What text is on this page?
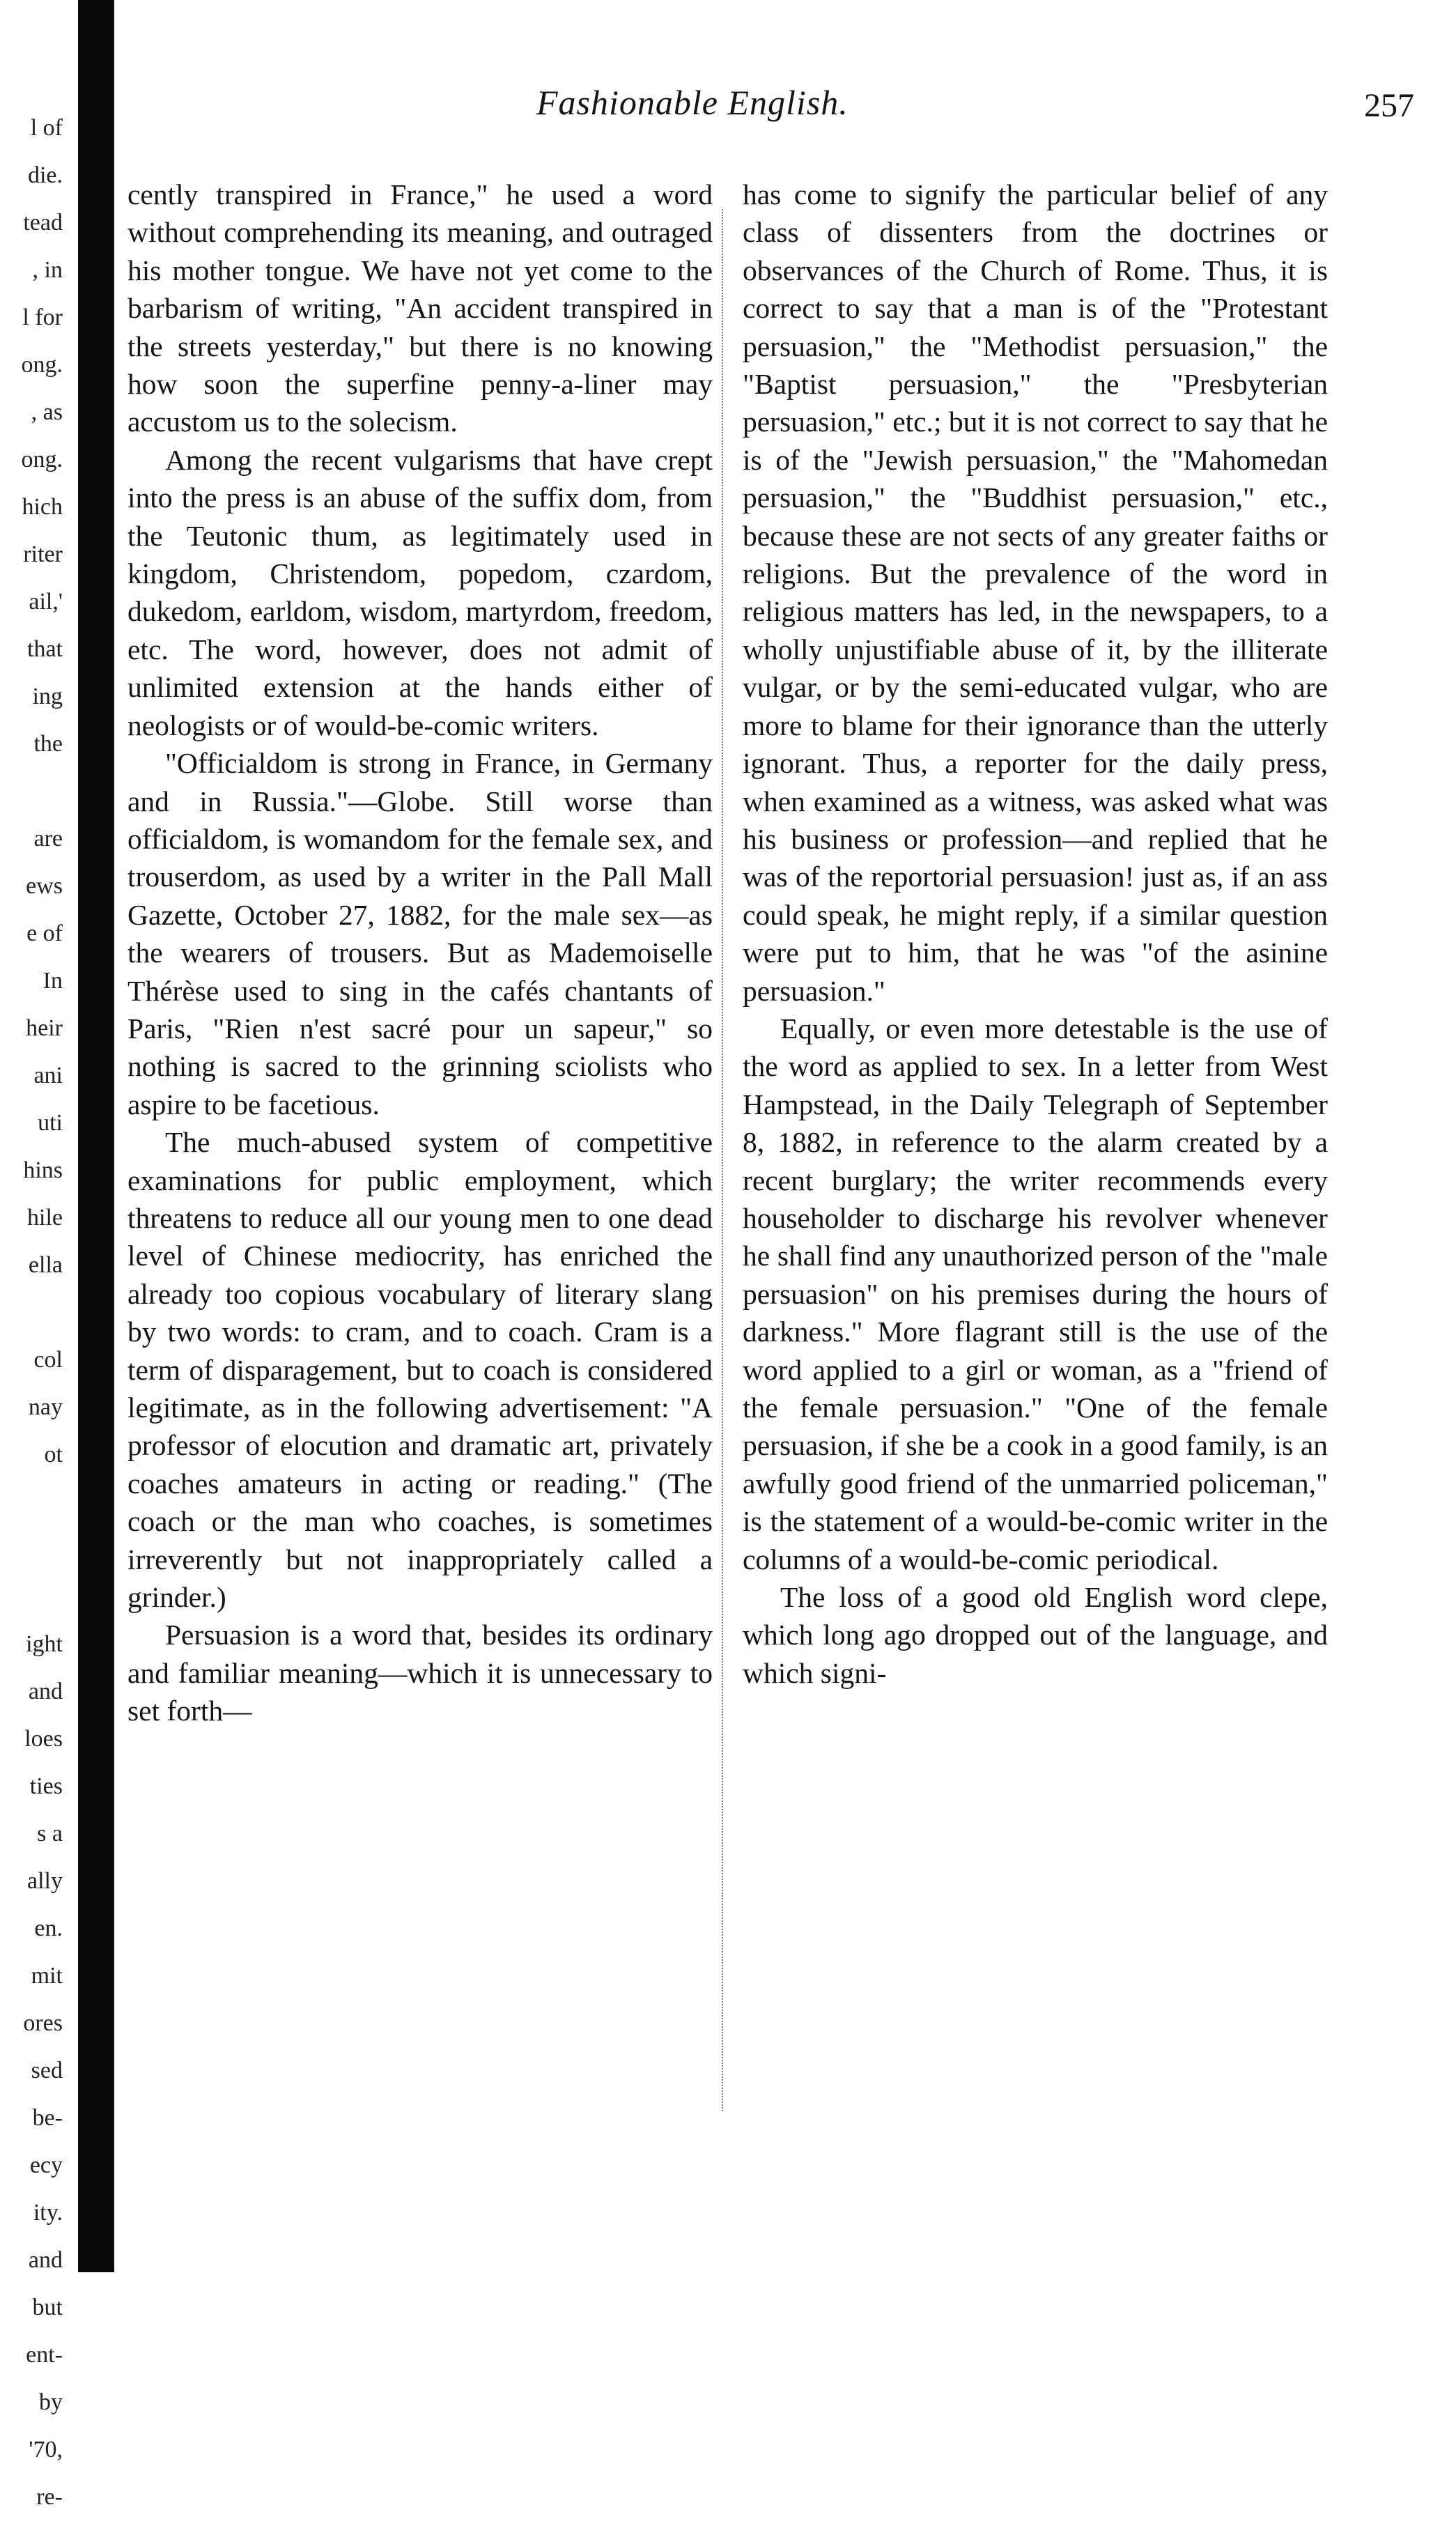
l of
die.
tead
, in
l for
ong.
, as
ong.
hich
riter
ail,'
that
ing
the
are
ews
e of
In
heir
ani
uti
hins
hile
ella
col
nay
ot
ight
and
loes
ties
s a
ally
en.
mit
ores
sed
be-
ecy
ity.
and
but
ent-
by
'70,
re-
Fashionable English.	257

cently transpired in France," he used a word without comprehending its meaning, and outraged his mother tongue. We have not yet come to the barbarism of writing, "An accident transpired in the streets yesterday," but there is no knowing how soon the superfine penny-a-liner may accustom us to the solecism.

Among the recent vulgarisms that have crept into the press is an abuse of the suffix dom, from the Teutonic thum, as legitimately used in kingdom, Christendom, popedom, czardom, dukedom, earldom, wisdom, martyrdom, freedom, etc. The word, however, does not admit of unlimited extension at the hands either of neologists or of would-be-comic writers.

"Officialdom is strong in France, in Germany and in Russia."—Globe. Still worse than officialdom, is womandom for the female sex, and trouserdom, as used by a writer in the Pall Mall Gazette, October 27, 1882, for the male sex—as the wearers of trousers. But as Mademoiselle Thérèse used to sing in the cafés chantants of Paris, "Rien n'est sacré pour un sapeur," so nothing is sacred to the grinning sciolists who aspire to be facetious.

The much-abused system of competitive examinations for public employment, which threatens to reduce all our young men to one dead level of Chinese mediocrity, has enriched the already too copious vocabulary of literary slang by two words: to cram, and to coach. Cram is a term of disparagement, but to coach is considered legitimate, as in the following advertisement: "A professor of elocution and dramatic art, privately coaches amateurs in acting or reading." (The coach or the man who coaches, is sometimes irreverently but not inappropriately called a grinder.)

Persuasion is a word that, besides its ordinary and familiar meaning—which it is unnecessary to set forth—

has come to signify the particular belief of any class of dissenters from the doctrines or observances of the Church of Rome. Thus, it is correct to say that a man is of the "Protestant persuasion," the "Methodist persuasion," the "Baptist persuasion," the "Presbyterian persuasion," etc.; but it is not correct to say that he is of the "Jewish persuasion," the "Mahomedan persuasion," the "Buddhist persuasion," etc., because these are not sects of any greater faiths or religions. But the prevalence of the word in religious matters has led, in the newspapers, to a wholly unjustifiable abuse of it, by the illiterate vulgar, or by the semi-educated vulgar, who are more to blame for their ignorance than the utterly ignorant. Thus, a reporter for the daily press, when examined as a witness, was asked what was his business or profession—and replied that he was of the reportorial persuasion! just as, if an ass could speak, he might reply, if a similar question were put to him, that he was "of the asinine persuasion."

Equally, or even more detestable is the use of the word as applied to sex. In a letter from West Hampstead, in the Daily Telegraph of September 8, 1882, in reference to the alarm created by a recent burglary; the writer recommends every householder to discharge his revolver whenever he shall find any unauthorized person of the "male persuasion" on his premises during the hours of darkness." More flagrant still is the use of the word applied to a girl or woman, as a "friend of the female persuasion." "One of the female persuasion, if she be a cook in a good family, is an awfully good friend of the unmarried policeman," is the statement of a would-be-comic writer in the columns of a would-be-comic periodical.

The loss of a good old English word clepe, which long ago dropped out of the language, and which signi-
